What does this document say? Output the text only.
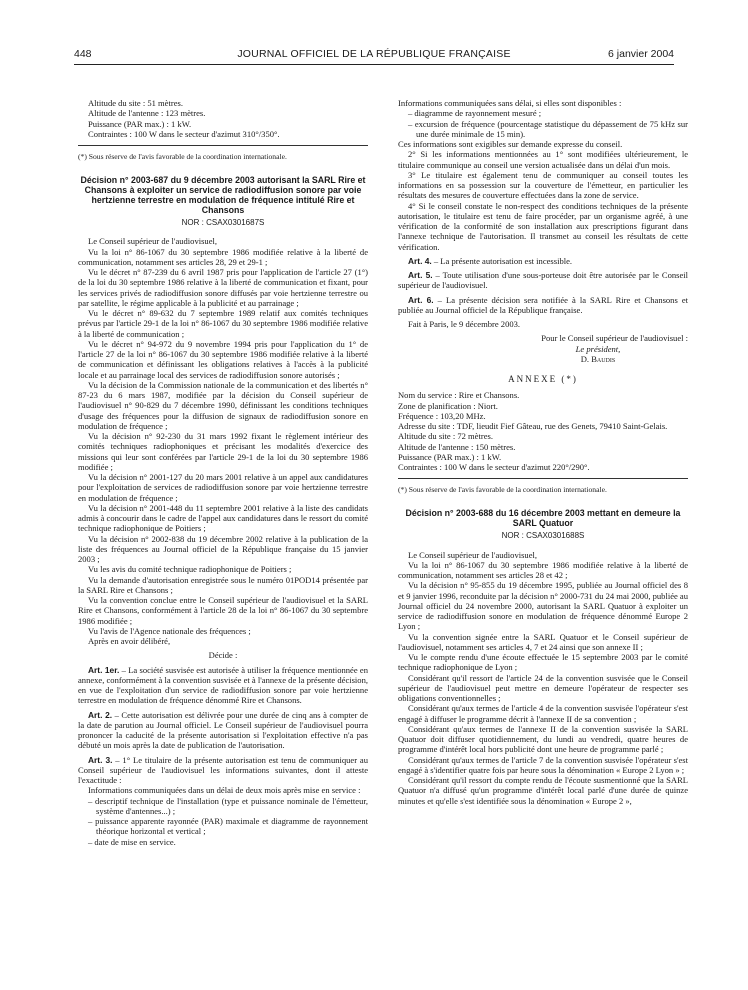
448	JOURNAL OFFICIEL DE LA RÉPUBLIQUE FRANÇAISE	6 janvier 2004
Altitude du site : 51 mètres.
Altitude de l'antenne : 123 mètres.
Puissance (PAR max.) : 1 kW.
Contraintes : 100 W dans le secteur d'azimut 310°/350°.

(*) Sous réserve de l'avis favorable de la coordination internationale.

Décision n° 2003-687 du 9 décembre 2003 autorisant la SARL Rire et Chansons à exploiter un service de radiodiffusion sonore par voie hertzienne terrestre en modulation de fréquence intitulé Rire et Chansons
NOR : CSAX0301687S

Le Conseil supérieur de l'audiovisuel,

Vu la loi n° 86-1067 du 30 septembre 1986 modifiée relative à la liberté de communication, notamment ses articles 28, 29 et 29-1 ;

Vu le décret n° 87-239 du 6 avril 1987 pris pour l'application de l'article 27 (1°) de la loi du 30 septembre 1986 relative à la liberté de communication et fixant, pour les services privés de radiodiffusion sonore diffusés par voie hertzienne terrestre ou par satellite, le régime applicable à la publicité et au parrainage ;

Vu le décret n° 89-632 du 7 septembre 1989 relatif aux comités techniques prévus par l'article 29-1 de la loi n° 86-1067 du 30 septembre 1986 modifiée relative à la liberté de communication ;

Vu le décret n° 94-972 du 9 novembre 1994 pris pour l'application du 1° de l'article 27 de la loi n° 86-1067 du 30 septembre 1986 modifiée relative à la liberté de communication et définissant les obligations relatives à l'accès à la publicité locale et au parrainage local des services de radiodiffusion sonore autorisés ;

Vu la décision de la Commission nationale de la communication et des libertés n° 87-23 du 6 mars 1987, modifiée par la décision du Conseil supérieur de l'audiovisuel n° 90-829 du 7 décembre 1990, définissant les conditions techniques d'usage des fréquences pour la diffusion de signaux de radiodiffusion sonore en modulation de fréquence ;

Vu la décision n° 92-230 du 31 mars 1992 fixant le règlement intérieur des comités techniques radiophoniques et précisant les modalités d'exercice des missions qui leur sont conférées par l'article 29-1 de la loi du 30 septembre 1986 modifiée ;

Vu la décision n° 2001-127 du 20 mars 2001 relative à un appel aux candidatures pour l'exploitation de services de radiodiffusion sonore par voie hertzienne terrestre en modulation de fréquence ;

Vu la décision n° 2001-448 du 11 septembre 2001 relative à la liste des candidats admis à concourir dans le cadre de l'appel aux candidatures dans le ressort du comité technique radiophonique de Poitiers ;

Vu la décision n° 2002-838 du 19 décembre 2002 relative à la publication de la liste des fréquences au Journal officiel de la République française du 15 janvier 2003 ;

Vu les avis du comité technique radiophonique de Poitiers ;

Vu la demande d'autorisation enregistrée sous le numéro 01POD14 présentée par la SARL Rire et Chansons ;

Vu la convention conclue entre le Conseil supérieur de l'audiovisuel et la SARL Rire et Chansons, conformément à l'article 28 de la loi n° 86-1067 du 30 septembre 1986 modifiée ;

Vu l'avis de l'Agence nationale des fréquences ;

Après en avoir délibéré,

Décide :

Art. 1er. – La société susvisée est autorisée à utiliser la fréquence mentionnée en annexe, conformément à la convention susvisée et à l'annexe de la présente décision, en vue de l'exploitation d'un service de radiodiffusion sonore par voie hertzienne terrestre en modulation de fréquence dénommé Rire et Chansons.

Art. 2. – Cette autorisation est délivrée pour une durée de cinq ans à compter de la date de parution au Journal officiel. Le Conseil supérieur de l'audiovisuel pourra prononcer la caducité de la présente autorisation si l'exploitation effective n'a pas débuté un mois après la date de publication de l'autorisation.

Art. 3. – 1° Le titulaire de la présente autorisation est tenu de communiquer au Conseil supérieur de l'audiovisuel les informations suivantes, dont il atteste l'exactitude :

Informations communiquées dans un délai de deux mois après mise en service :

– descriptif technique de l'installation (type et puissance nominale de l'émetteur, système d'antennes...) ;
– puissance apparente rayonnée (PAR) maximale et diagramme de rayonnement théorique horizontal et vertical ;
– date de mise en service.

Informations communiquées sans délai, si elles sont disponibles :

– diagramme de rayonnement mesuré ;
– excursion de fréquence (pourcentage statistique du dépassement de 75 kHz sur une durée minimale de 15 min).

Ces informations sont exigibles sur demande expresse du conseil.

2° Si les informations mentionnées au 1° sont modifiées ultérieurement, le titulaire communique au conseil une version actualisée dans un délai d'un mois.

3° Le titulaire est également tenu de communiquer au conseil toutes les informations en sa possession sur la couverture de l'émetteur, en particulier les résultats des mesures de couverture effectuées dans la zone de service.

4° Si le conseil constate le non-respect des conditions techniques de la présente autorisation, le titulaire est tenu de faire procéder, par un organisme agréé, à une vérification de la conformité de son installation aux prescriptions figurant dans l'annexe technique de l'autorisation. Il transmet au conseil les résultats de cette vérification.

Art. 4. – La présente autorisation est incessible.

Art. 5. – Toute utilisation d'une sous-porteuse doit être autorisée par le Conseil supérieur de l'audiovisuel.

Art. 6. – La présente décision sera notifiée à la SARL Rire et Chansons et publiée au Journal officiel de la République française.

Fait à Paris, le 9 décembre 2003.

Pour le Conseil supérieur de l'audiovisuel :
Le président,
D. Baudis
ANNEXE (*)

Nom du service : Rire et Chansons.

Zone de planification : Niort.

Fréquence : 103,20 MHz.

Adresse du site : TDF, lieudit Fief Gâteau, rue des Genets, 79410 Saint-Gelais.

Altitude du site : 72 mètres.

Altitude de l'antenne : 150 mètres.

Puissance (PAR max.) : 1 kW.

Contraintes : 100 W dans le secteur d'azimut 220°/290°.

(*) Sous réserve de l'avis favorable de la coordination internationale.

Décision n° 2003-688 du 16 décembre 2003 mettant en demeure la SARL Quatuor
NOR : CSAX0301688S

Le Conseil supérieur de l'audiovisuel,

Vu la loi n° 86-1067 du 30 septembre 1986 modifiée relative à la liberté de communication, notamment ses articles 28 et 42 ;

Vu la décision n° 95-855 du 19 décembre 1995, publiée au Journal officiel des 8 et 9 janvier 1996, reconduite par la décision n° 2000-731 du 24 mai 2000, publiée au Journal officiel du 24 novembre 2000, autorisant la SARL Quatuor à exploiter un service de radiodiffusion sonore en modulation de fréquence dénommé Europe 2 Lyon ;

Vu la convention signée entre la SARL Quatuor et le Conseil supérieur de l'audiovisuel, notamment ses articles 4, 7 et 24 ainsi que son annexe II ;

Vu le compte rendu d'une écoute effectuée le 15 septembre 2003 par le comité technique radiophonique de Lyon ;

Considérant qu'il ressort de l'article 24 de la convention susvisée que le Conseil supérieur de l'audiovisuel peut mettre en demeure l'opérateur de respecter ses obligations conventionnelles ;

Considérant qu'aux termes de l'article 4 de la convention susvisée l'opérateur s'est engagé à diffuser le programme décrit à l'annexe II de sa convention ;

Considérant qu'aux termes de l'annexe II de la convention susvisée la SARL Quatuor doit diffuser quotidiennement, du lundi au vendredi, quatre heures de programme d'intérêt local hors publicité dont une heure de programme parlé ;

Considérant qu'aux termes de l'article 7 de la convention susvisée l'opérateur s'est engagé à s'identifier quatre fois par heure sous la dénomination « Europe 2 Lyon » ;

Considérant qu'il ressort du compte rendu de l'écoute susmentionné que la SARL Quatuor n'a diffusé qu'un programme d'intérêt local parlé d'une durée de quinze minutes et qu'elle s'est identifiée sous la dénomination « Europe 2 »,
